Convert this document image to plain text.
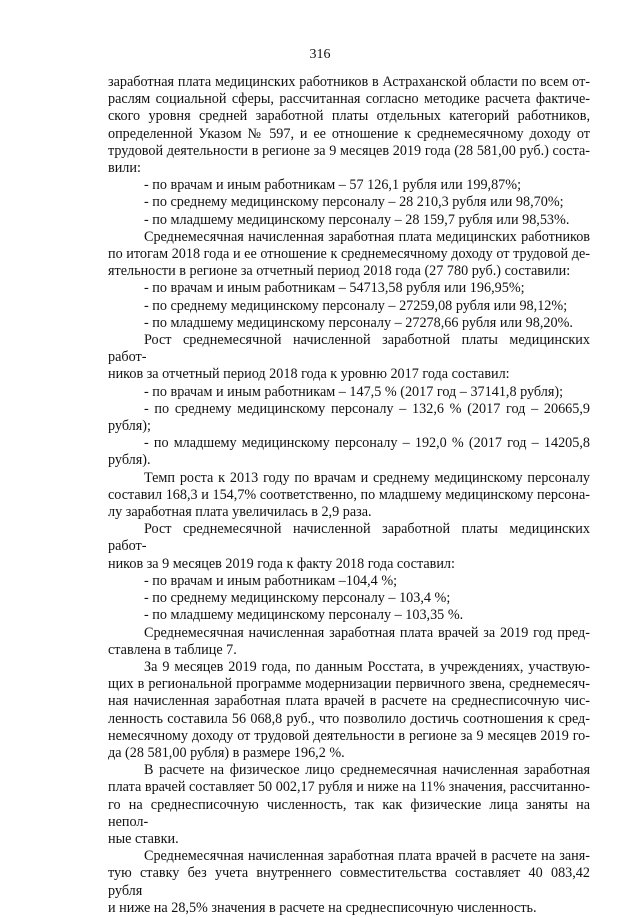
316

заработная плата медицинских работников в Астраханской области по всем от-

раслям социальной сферы, рассчитанная согласно методике расчета фактиче-

ского уровня средней заработной платы отдельных категорий работников,

определенной Указом № 597, и ее отношение к среднемесячному доходу от

трудовой деятельности в регионе за 9 месяцев 2019 года (28 581,00 руб.) соста-

вили:

- по врачам и иным работникам – 57 126,1 рубля или 199,87%;

- по среднему медицинскому персоналу – 28 210,3 рубля или 98,70%;

- по младшему медицинскому персоналу – 28 159,7 рубля или 98,53%.

Среднемесячная начисленная заработная плата медицинских работников

по итогам 2018 года и ее отношение к среднемесячному доходу от трудовой де-

ятельности в регионе за отчетный период 2018 года (27 780 руб.) составили:

- по врачам и иным работникам – 54713,58 рубля или 196,95%;

- по среднему медицинскому персоналу – 27259,08 рубля или 98,12%;

- по младшему медицинскому персоналу – 27278,66 рубля или 98,20%.

Рост среднемесячной начисленной заработной платы медицинских работ-

ников за отчетный период 2018 года к уровню 2017 года составил:

- по врачам и иным работникам – 147,5 % (2017 год – 37141,8 рубля);

- по среднему медицинскому персоналу – 132,6 % (2017 год – 20665,9

рубля);

- по младшему медицинскому персоналу – 192,0 % (2017 год – 14205,8

рубля).

Темп роста к 2013 году по врачам и среднему медицинскому персоналу

составил 168,3 и 154,7% соответственно, по младшему медицинскому персона-

лу заработная плата увеличилась в 2,9 раза.

Рост среднемесячной начисленной заработной платы медицинских работ-

ников за 9 месяцев 2019 года к факту 2018 года составил:

- по врачам и иным работникам –104,4 %;

- по среднему медицинскому персоналу – 103,4 %;

- по младшему медицинскому персоналу – 103,35 %.

Среднемесячная начисленная заработная плата врачей за 2019 год пред-

ставлена в таблице 7.

За 9 месяцев 2019 года, по данным Росстата, в учреждениях, участвую-

щих в региональной программе модернизации первичного звена, среднемесяч-

ная начисленная заработная плата врачей в расчете на среднесписочную чис-

ленность составила 56 068,8 руб., что позволило достичь соотношения к сред-

немесячному доходу от трудовой деятельности в регионе за 9 месяцев 2019 го-

да (28 581,00 рубля) в размере 196,2 %.

В расчете на физическое лицо среднемесячная начисленная заработная

плата врачей составляет 50 002,17 рубля и ниже на 11% значения, рассчитанно-

го на среднесписочную численность, так как физические лица заняты на непол-

ные ставки.

Среднемесячная начисленная заработная плата врачей в расчете на заня-

тую ставку без учета внутреннего совместительства составляет 40 083,42 рубля

и ниже на 28,5% значения в расчете на среднесписочную численность.
